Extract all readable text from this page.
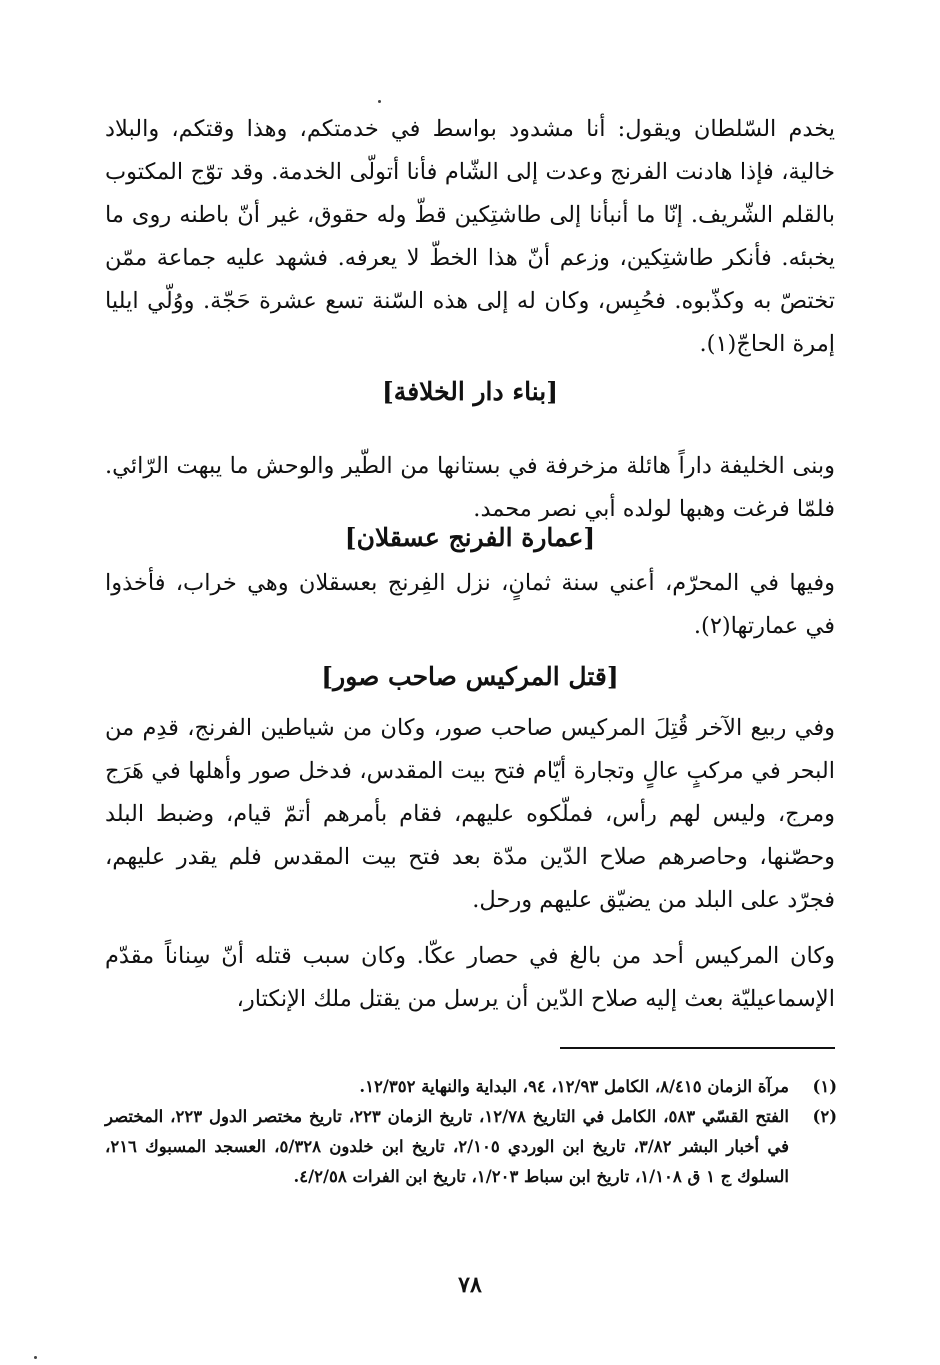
يخدم السّلطان ويقول: أنا مشدود بواسط في خدمتكم، وهذا وقتكم، والبلاد خالية، فإذا هادنت الفرنج وعدت إلى الشّام فأنا أتولّى الخدمة. وقد توّج المكتوب بالقلم الشّريف. إنّا ما أنبأنا إلى طاشتِكين قطّ وله حقوق، غير أنّ باطنه روى ما يخبئه. فأنكر طاشتِكين، وزعم أنّ هذا الخطّ لا يعرفه. فشهد عليه جماعة ممّن تختصّ به وكذّبوه. فحُبِس، وكان له إلى هذه السّنة تسع عشرة حَجّة. ووُلّي ايليا إمرة الحاجّ(١).

[بناء دار الخلافة]

وبنى الخليفة داراً هائلة مزخرفة في بستانها من الطّير والوحش ما يبهت الرّائي. فلمّا فرغت وهبها لولده أبي نصر محمد.

[عمارة الفرنج عسقلان]

وفيها في المحرّم، أعني سنة ثمانٍ، نزل الفِرنج بعسقلان وهي خراب، فأخذوا في عمارتها(٢).

[قتل المركيس صاحب صور]

وفي ربيع الآخر قُتِلَ المركيس صاحب صور، وكان من شياطين الفرنج، قدِم من البحر في مركبٍ عالٍ وتجارة أيّام فتح بيت المقدس، فدخل صور وأهلها في هَرَج ومرج، وليس لهم رأس، فملّكوه عليهم، فقام بأمرهم أتمّ قيام، وضبط البلد وحصّنها، وحاصرهم صلاح الدّين مدّة بعد فتح بيت المقدس فلم يقدر عليهم، فجرّد على البلد من يضيّق عليهم ورحل.

وكان المركيس أحد من بالغ في حصار عكّا. وكان سبب قتله أنّ سِناناً مقدّم الإسماعيليّة بعث إليه صلاح الدّين أن يرسل من يقتل ملك الإنكتار،

(١)
مرآة الزمان ٨/٤١٥، الكامل ١٢/٩٣، ٩٤، البداية والنهاية ١٢/٣٥٢.
(٢)
الفتح القسّي ٥٨٣، الكامل في التاريخ ١٢/٧٨، تاريخ الزمان ٢٢٣، تاريخ مختصر الدول ٢٢٣، المختصر في أخبار البشر ٣/٨٢، تاريخ ابن الوردي ٢/١٠٥، تاريخ ابن خلدون ٥/٣٢٨، العسجد المسبوك ٢١٦، السلوك ج ١ ق ١/١٠٨، تاريخ ابن سباط ١/٢٠٣، تاريخ ابن الفرات ٤/٢/٥٨.
٧٨
